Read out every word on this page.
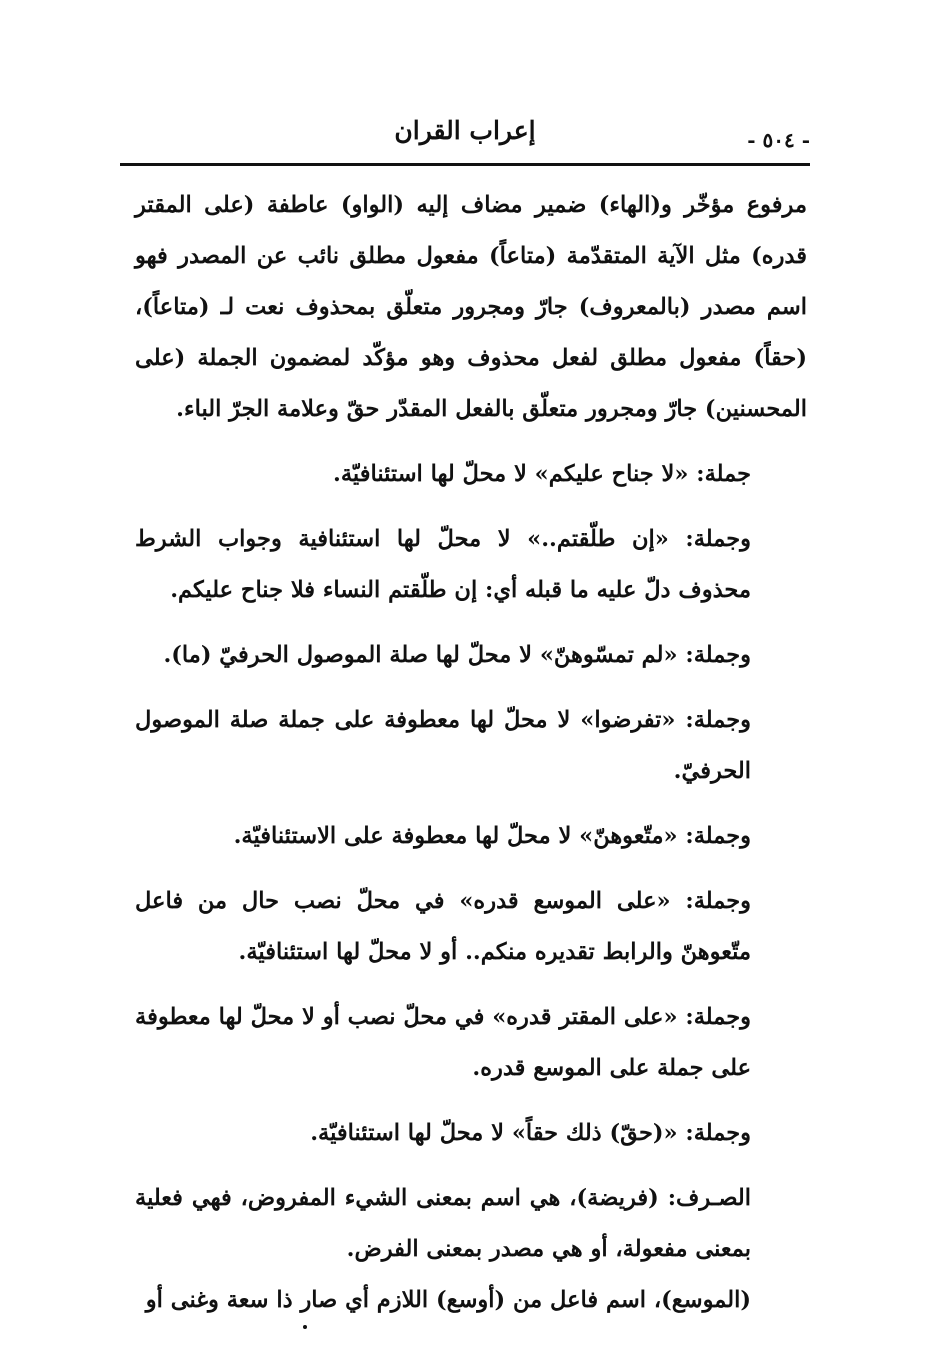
إعراب القران	- ٥٠٤ -

مرفوع مؤخّر و(الهاء) ضمير مضاف إليه (الواو) عاطفة (على المقتر قدره) مثل الآية المتقدّمة (متاعاً) مفعول مطلق نائب عن المصدر فهو اسم مصدر (بالمعروف) جارّ ومجرور متعلّق بمحذوف نعت لـ (متاعاً)، (حقاً) مفعول مطلق لفعل محذوف وهو مؤكّد لمضمون الجملة (على المحسنين) جارّ ومجرور متعلّق بالفعل المقدّر حقّ وعلامة الجرّ الباء.

جملة: «لا جناح عليكم» لا محلّ لها استئنافيّة.

وجملة: «إن طلّقتم..» لا محلّ لها استئنافية وجواب الشرط محذوف دلّ عليه ما قبله أي: إن طلّقتم النساء فلا جناح عليكم.

وجملة: «لم تمسّوهنّ» لا محلّ لها صلة الموصول الحرفيّ (ما).

وجملة: «تفرضوا» لا محلّ لها معطوفة على جملة صلة الموصول الحرفيّ.

وجملة: «متّعوهنّ» لا محلّ لها معطوفة على الاستئنافيّة.

وجملة: «على الموسع قدره» في محلّ نصب حال من فاعل متّعوهنّ والرابط تقديره منكم.. أو لا محلّ لها استئنافيّة.

وجملة: «على المقتر قدره» في محلّ نصب أو لا محلّ لها معطوفة على جملة على الموسع قدره.

وجملة: «(حقّ) ذلك حقاً» لا محلّ لها استئنافيّة.

الصـرف: (فريضة)، هي اسم بمعنى الشيء المفروض، فهي فعلية بمعنى مفعولة، أو هي مصدر بمعنى الفرض.

(الموسع)، اسم فاعل من (أوسع) اللازم أي صار ذا سعة وغنى أو
